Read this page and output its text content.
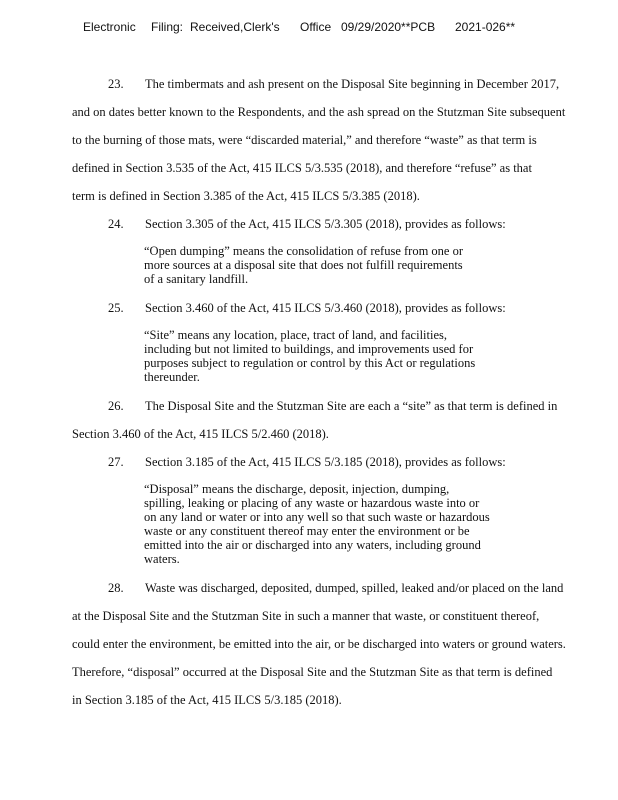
Electronic Filing: Received,Clerk's Office 09/29/2020**PCB 2021-026**

23. The timbermats and ash present on the Disposal Site beginning in December 2017,

and on dates better known to the Respondents, and the ash spread on the Stutzman Site subsequent

to the burning of those mats, were “discarded material,” and therefore “waste” as that term is

defined in Section 3.535 of the Act, 415 ILCS 5/3.535 (2018), and therefore “refuse” as that

term is defined in Section 3.385 of the Act, 415 ILCS 5/3.385 (2018).

24. Section 3.305 of the Act, 415 ILCS 5/3.305 (2018), provides as follows:

“Open dumping” means the consolidation of refuse from one or
more sources at a disposal site that does not fulfill requirements
of a sanitary landfill.

25. Section 3.460 of the Act, 415 ILCS 5/3.460 (2018), provides as follows:

“Site” means any location, place, tract of land, and facilities,
including but not limited to buildings, and improvements used for
purposes subject to regulation or control by this Act or regulations
thereunder.

26. The Disposal Site and the Stutzman Site are each a “site” as that term is defined in

Section 3.460 of the Act, 415 ILCS 5/2.460 (2018).

27. Section 3.185 of the Act, 415 ILCS 5/3.185 (2018), provides as follows:

“Disposal” means the discharge, deposit, injection, dumping,
spilling, leaking or placing of any waste or hazardous waste into or
on any land or water or into any well so that such waste or hazardous
waste or any constituent thereof may enter the environment or be
emitted into the air or discharged into any waters, including ground
waters.

28. Waste was discharged, deposited, dumped, spilled, leaked and/or placed on the land

at the Disposal Site and the Stutzman Site in such a manner that waste, or constituent thereof,

could enter the environment, be emitted into the air, or be discharged into waters or ground waters.

Therefore, “disposal” occurred at the Disposal Site and the Stutzman Site as that term is defined

in Section 3.185 of the Act, 415 ILCS 5/3.185 (2018).
